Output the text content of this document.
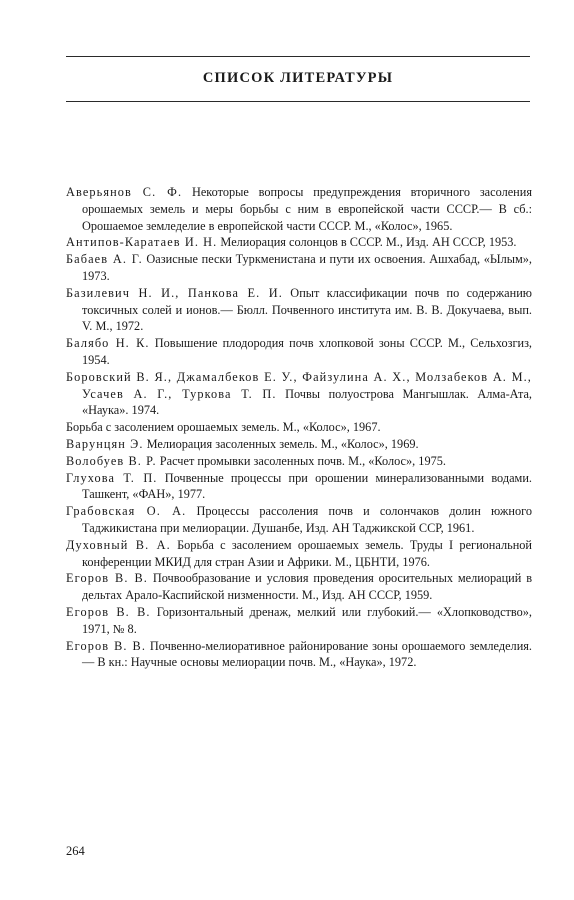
СПИСОК ЛИТЕРАТУРЫ
Аверьянов С. Ф. Некоторые вопросы предупреждения вторичного засоления орошаемых земель и меры борьбы с ним в европейской части СССР.— В сб.: Орошаемое земледелие в европейской части СССР. М., «Колос», 1965.
Антипов-Каратаев И. Н. Мелиорация солонцов в СССР. М., Изд. АН СССР, 1953.
Бабаев А. Г. Оазисные пески Туркменистана и пути их освоения. Ашхабад, «Ылым», 1973.
Базилевич Н. И., Панкова Е. И. Опыт классификации почв по содержанию токсичных солей и ионов.— Бюлл. Почвенного института им. В. В. Докучаева, вып. V. М., 1972.
Балябо Н. К. Повышение плодородия почв хлопковой зоны СССР. М., Сельхозгиз, 1954.
Боровский В. Я., Джамалбеков Е. У., Файзулина А. Х., Молзабеков А. М., Усачев А. Г., Туркова Т. П. Почвы полуострова Мангышлак. Алма-Ата, «Наука». 1974.
Борьба с засолением орошаемых земель. М., «Колос», 1967.
Варунцян Э. Мелиорация засоленных земель. М., «Колос», 1969.
Волобуев В. Р. Расчет промывки засоленных почв. М., «Колос», 1975.
Глухова Т. П. Почвенные процессы при орошении минерализованными водами. Ташкент, «ФАН», 1977.
Грабовская О. А. Процессы рассоления почв и солончаков долин южного Таджикистана при мелиорации. Душанбе, Изд. АН Таджикской ССР, 1961.
Духовный В. А. Борьба с засолением орошаемых земель. Труды I региональной конференции МКИД для стран Азии и Африки. М., ЦБНТИ, 1976.
Егоров В. В. Почвообразование и условия проведения оросительных мелиораций в дельтах Арало-Каспийской низменности. М., Изд. АН СССР, 1959.
Егоров В. В. Горизонтальный дренаж, мелкий или глубокий.— «Хлопководство», 1971, № 8.
Егоров В. В. Почвенно-мелиоративное районирование зоны орошаемого земледелия.— В кн.: Научные основы мелиорации почв. М., «Наука», 1972.
264
